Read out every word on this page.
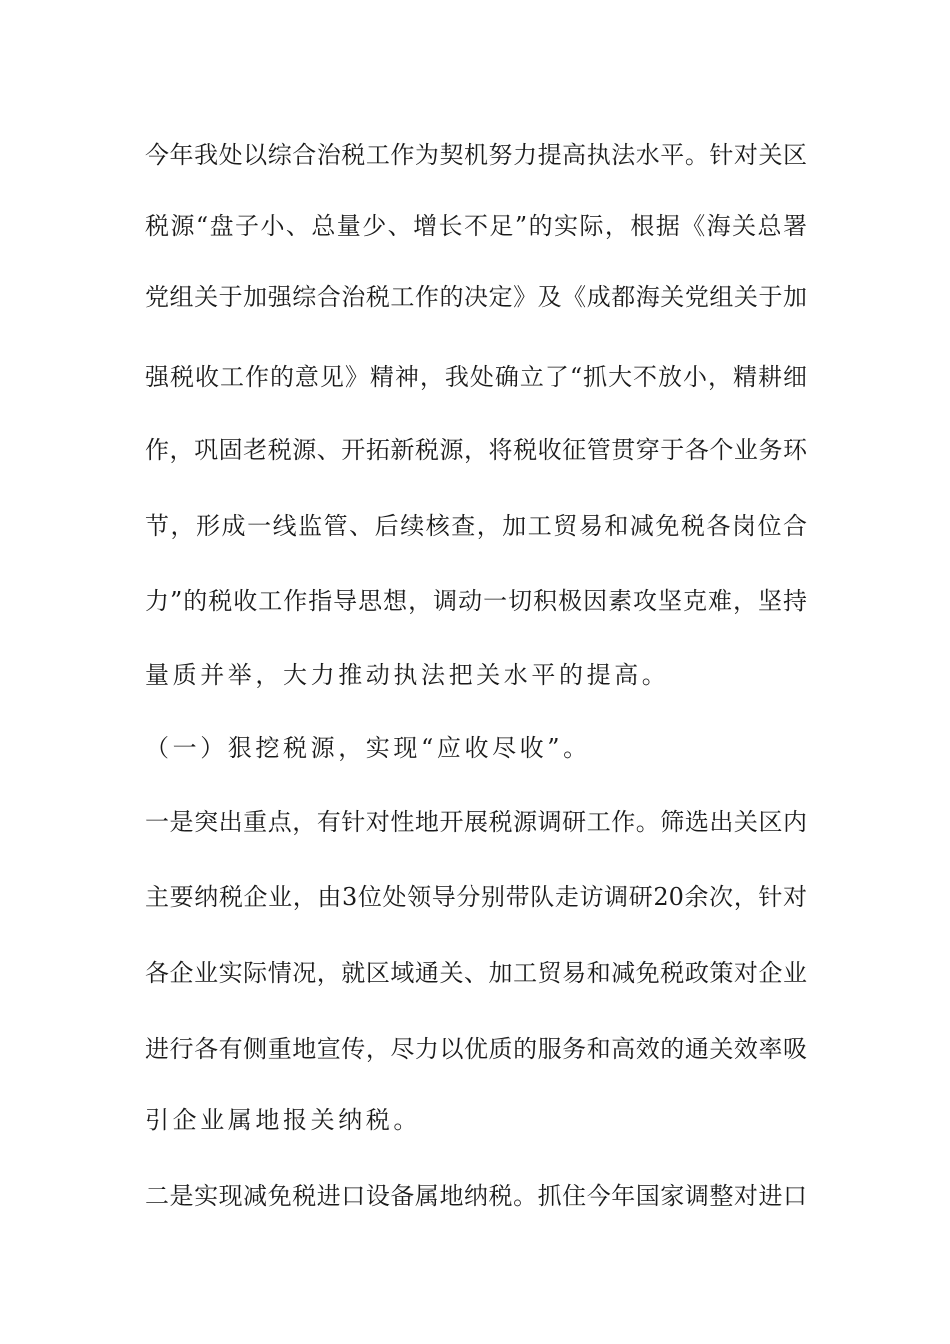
今年我处以综合治税工作为契机努力提高执法水平。针对关区
税源“盘子小、总量少、增长不足”的实际，根据《海关总署
党组关于加强综合治税工作的决定》及《成都海关党组关于加
强税收工作的意见》精神，我处确立了“抓大不放小，精耕细
作，巩固老税源、开拓新税源，将税收征管贯穿于各个业务环
节，形成一线监管、后续核查，加工贸易和减免税各岗位合
力”的税收工作指导思想，调动一切积极因素攻坚克难，坚持
量质并举，大力推动执法把关水平的提高。
（一）狠挖税源，实现“应收尽收”。
一是突出重点，有针对性地开展税源调研工作。筛选出关区内
主要纳税企业，由3位处领导分别带队走访调研20余次，针对
各企业实际情况，就区域通关、加工贸易和减免税政策对企业
进行各有侧重地宣传，尽力以优质的服务和高效的通关效率吸
引企业属地报关纳税。
二是实现减免税进口设备属地纳税。抓住今年国家调整对进口
